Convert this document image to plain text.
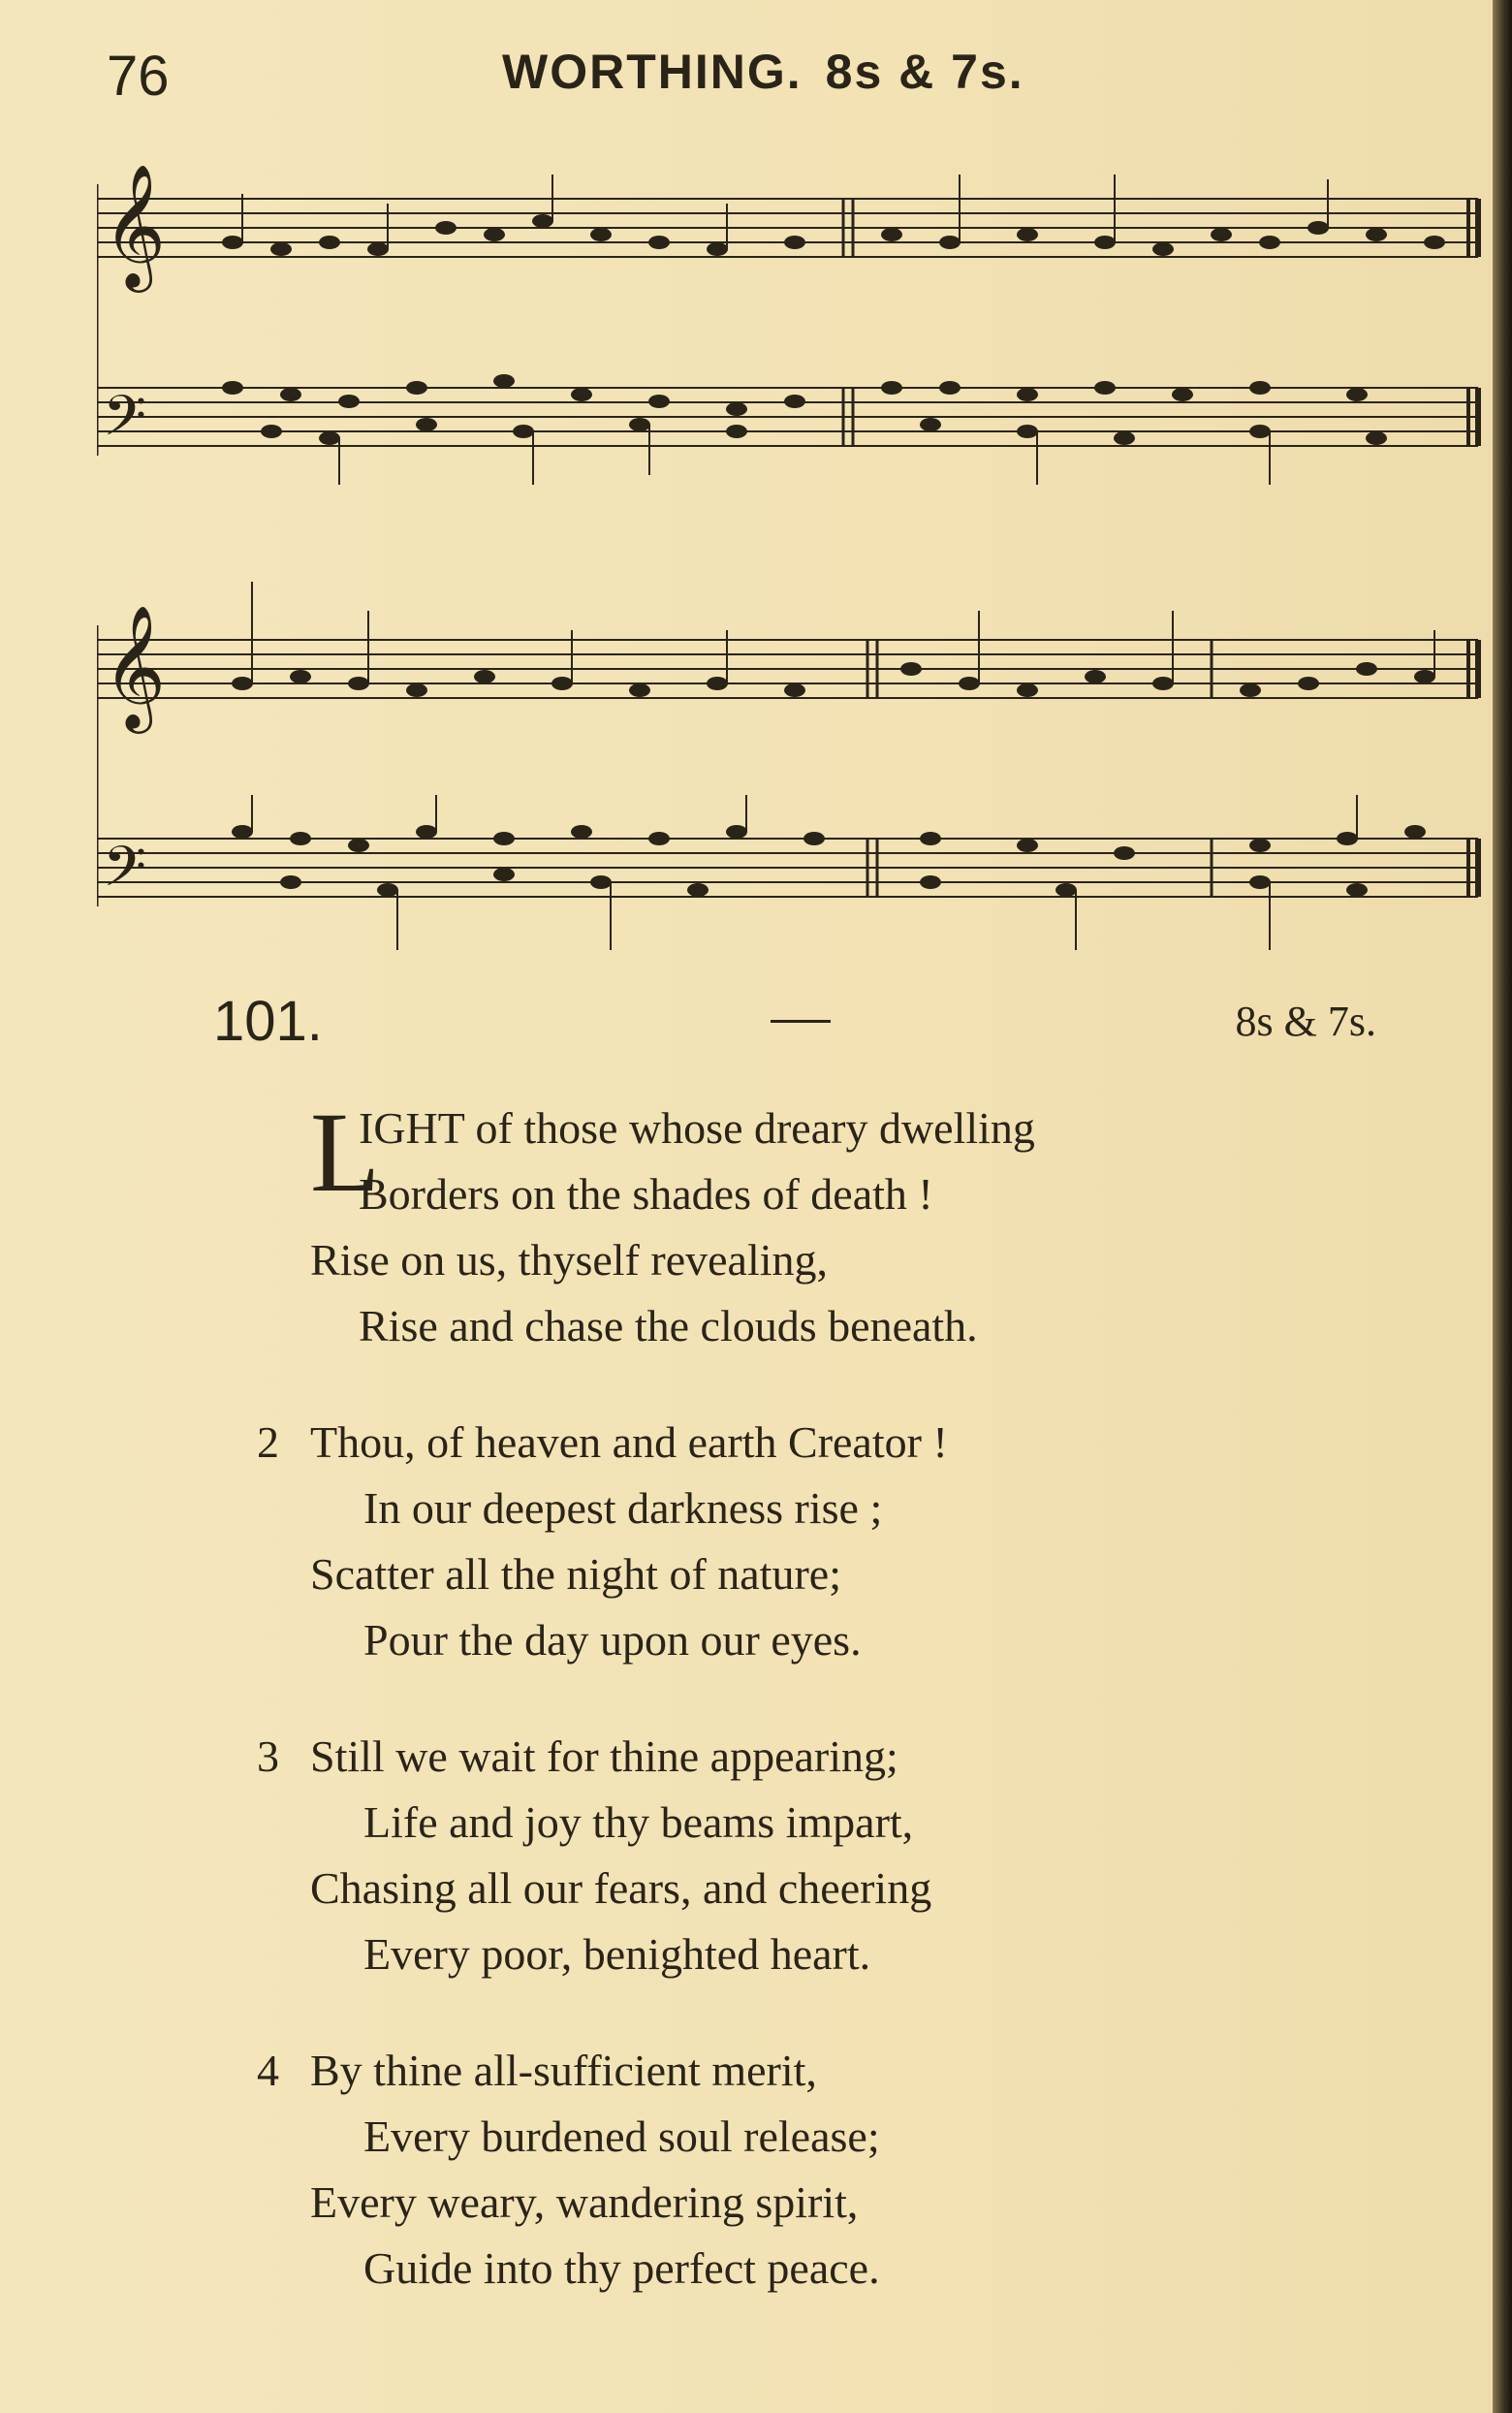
76	WORTHING. 8s & 7s.
𝄞
𝄢
𝄞
𝄢
101.	8s & 7s.
L
IGHT of those whose dreary dwelling
Borders on the shades of death !
Rise on us, thyself revealing,
Rise and chase the clouds beneath.
2 Thou, of heaven and earth Creator !
In our deepest darkness rise ;
Scatter all the night of nature;
Pour the day upon our eyes.
3 Still we wait for thine appearing;
Life and joy thy beams impart,
Chasing all our fears, and cheering
Every poor, benighted heart.
4 By thine all-sufficient merit,
Every burdened soul release;
Every weary, wandering spirit,
Guide into thy perfect peace.
